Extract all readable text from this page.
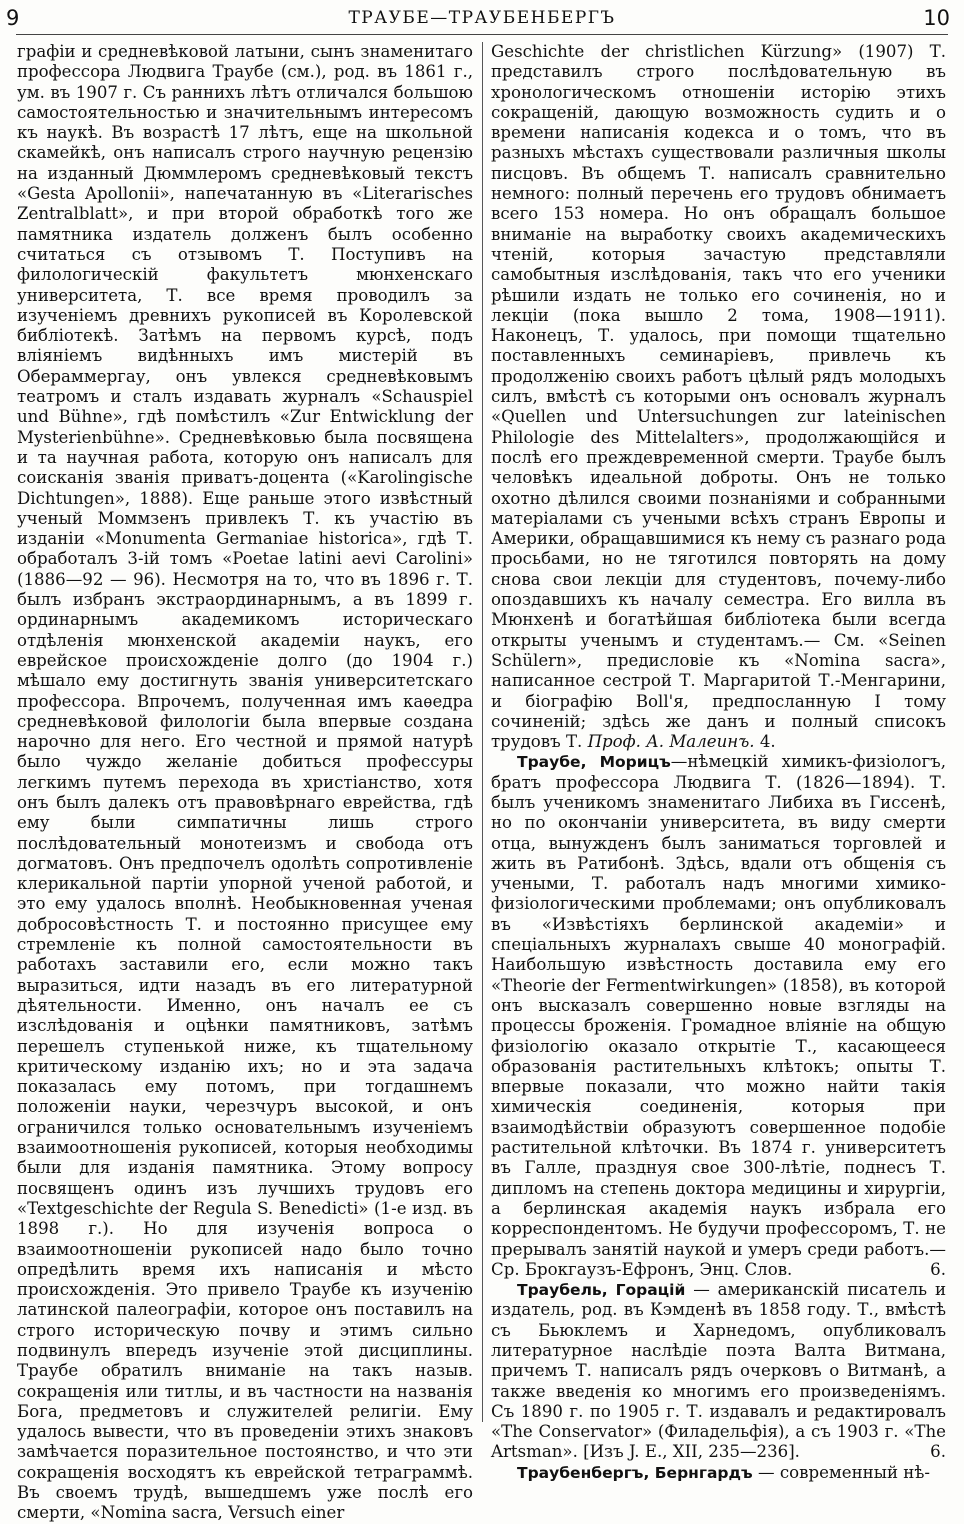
9	ТРАУБЕ—ТРАУБЕНБЕРГЪ	10

графіи и средневѣковой латыни, сынъ знаменитаго профессора Людвига Траубе (см.), род. въ 1861 г., ум. въ 1907 г. Съ раннихъ лѣтъ отличался большою самостоятельностью и значительнымъ интересомъ къ наукѣ. Въ возрастѣ 17 лѣтъ, еще на школьной скамейкѣ, онъ написалъ строго научную рецензію на изданный Дюммлеромъ средневѣковый текстъ «Gesta Apollonii», напечатанную въ «Literarisches Zentralblatt», и при второй обработкѣ того же памятника издатель долженъ былъ особенно считаться съ отзывомъ Т. Поступивъ на филологическій факультетъ мюнхенскаго университета, Т. все время проводилъ за изученіемъ древнихъ рукописей въ Королевской библіотекѣ. Затѣмъ на первомъ курсѣ, подъ вліяніемъ видѣнныхъ имъ мистерій въ Обераммергау, онъ увлекся средневѣковымъ театромъ и сталъ издавать журналъ «Schauspiel und Bühne», гдѣ помѣстилъ «Zur Entwicklung der Mysterienbühne». Средневѣковью была посвящена и та научная работа, которую онъ написалъ для соисканія званія приватъ-доцента («Karolingische Dichtungen», 1888). Еще раньше этого извѣстный ученый Моммзенъ привлекъ Т. къ участію въ изданіи «Monumenta Germaniae historica», гдѣ Т. обработалъ 3-ій томъ «Poetae latini aevi Carolini» (1886—92 — 96). Несмотря на то, что въ 1896 г. Т. былъ избранъ экстраординарнымъ, а въ 1899 г. ординарнымъ академикомъ историческаго отдѣленія мюнхенской академіи наукъ, его еврейское происхожденіе долго (до 1904 г.) мѣшало ему достигнуть званія университетскаго профессора. Впрочемъ, полученная имъ каѳедра средневѣковой филологіи была впервые создана нарочно для него. Его честной и прямой натурѣ было чуждо желаніе добиться профессуры легкимъ путемъ перехода въ христіанство, хотя онъ былъ далекъ отъ правовѣрнаго еврейства, гдѣ ему были симпатичны лишь строго послѣдовательный монотеизмъ и свобода отъ догматовъ. Онъ предпочелъ одолѣть сопротивленіе клерикальной партіи упорной ученой работой, и это ему удалось вполнѣ. Необыкновенная ученая добросовѣстность Т. и постоянно присущее ему стремленіе къ полной самостоятельности въ работахъ заставили его, если можно такъ выразиться, идти назадъ въ его литературной дѣятельности. Именно, онъ началъ ее съ изслѣдованія и оцѣнки памятниковъ, затѣмъ перешелъ ступенькой ниже, къ тщательному критическому изданію ихъ; но и эта задача показалась ему потомъ, при тогдашнемъ положеніи науки, черезчуръ высокой, и онъ ограничился только основательнымъ изученіемъ взаимоотношенія рукописей, которыя необходимы были для изданія памятника. Этому вопросу посвященъ одинъ изъ лучшихъ трудовъ его «Textgeschichte der Regula S. Benedicti» (1-е изд. въ 1898 г.). Но для изученія вопроса о взаимоотношеніи рукописей надо было точно опредѣлить время ихъ написанія и мѣсто происхожденія. Это привело Траубе къ изученію латинской палеографіи, которое онъ поставилъ на строго историческую почву и этимъ сильно подвинулъ впередъ изученіе этой дисциплины. Траубе обратилъ вниманіе на такъ назыв. сокращенія или титлы, и въ частности на названія Бога, предметовъ и служителей религіи. Ему удалось вывести, что въ проведеніи этихъ знаковъ замѣчается поразительное постоянство, и что эти сокращенія восходятъ къ еврейской тетраграммѣ. Въ своемъ трудѣ, вышедшемъ уже послѣ его смерти, «Nomina sacra, Versuch einer

Geschichte der christlichen Kürzung» (1907) Т. представилъ строго послѣдовательную въ хронологическомъ отношеніи исторію этихъ сокращеній, дающую возможность судить и о времени написанія кодекса и о томъ, что въ разныхъ мѣстахъ существовали различныя школы писцовъ. Въ общемъ Т. написалъ сравнительно немного: полный перечень его трудовъ обнимаетъ всего 153 номера. Но онъ обращалъ большое вниманіе на выработку своихъ академическихъ чтеній, которыя зачастую представляли самобытныя изслѣдованія, такъ что его ученики рѣшили издать не только его сочиненія, но и лекціи (пока вышло 2 тома, 1908—1911). Наконецъ, Т. удалось, при помощи тщательно поставленныхъ семинаріевъ, привлечь къ продолженію своихъ работъ цѣлый рядъ молодыхъ силъ, вмѣстѣ съ которыми онъ основалъ журналъ «Quellen und Untersuchungen zur lateinischen Philologie des Mittelalters», продолжающійся и послѣ его преждевременной смерти. Траубе былъ человѣкъ идеальной доброты. Онъ не только охотно дѣлился своими познаніями и собранными матеріалами съ учеными всѣхъ странъ Европы и Америки, обращавшимися къ нему съ разнаго рода просьбами, но не тяготился повторять на дому снова свои лекціи для студентовъ, почему-либо опоздавшихъ къ началу семестра. Его вилла въ Мюнхенѣ и богатѣйшая библіотека были всегда открыты ученымъ и студентамъ.— См. «Seinen Schülern», предисловіе къ «Nomina sacra», написанное сестрой Т. Маргаритой Т.-Менгарини, и біографію Boll'я, предпосланную I тому сочиненій; здѣсь же данъ и полный списокъ трудовъ Т. Проф. А. Малеинъ. 4.

Траубе, Морицъ—нѣмецкій химикъ-физіологъ, братъ профессора Людвига Т. (1826—1894). Т. былъ ученикомъ знаменитаго Либиха въ Гиссенѣ, но по окончаніи университета, въ виду смерти отца, вынужденъ былъ заниматься торговлей и жить въ Ратибонѣ. Здѣсь, вдали отъ общенія съ учеными, Т. работалъ надъ многими химико-физіологическими проблемами; онъ опубликовалъ въ «Извѣстіяхъ берлинской академіи» и спеціальныхъ журналахъ свыше 40 монографій. Наибольшую извѣстность доставила ему его «Theorie der Fermentwirkungen» (1858), въ которой онъ высказалъ совершенно новые взгляды на процессы броженія. Громадное вліяніе на общую физіологію оказало открытіе Т., касающееся образованія растительныхъ клѣтокъ; опыты Т. впервые показали, что можно найти такія химическія соединенія, которыя при взаимодѣйствіи образуютъ совершенное подобіе растительной клѣточки. Въ 1874 г. университетъ въ Галле, празднуя свое 300-лѣтіе, поднесъ Т. дипломъ на степень доктора медицины и хирургіи, а берлинская академія наукъ избрала его корреспондентомъ. Не будучи профессоромъ, Т. не прерывалъ занятій наукой и умеръ среди работъ.—Ср. Брокгаузъ-Ефронъ, Энц. Слов.	6.

Траубель, Горацій — американскій писатель и издатель, род. въ Кэмденѣ въ 1858 году. Т., вмѣстѣ съ Бьюклемъ и Харнедомъ, опубликовалъ литературное наслѣдіе поэта Валта Витмана, причемъ Т. написалъ рядъ очерковъ о Витманѣ, а также введенія ко многимъ его произведеніямъ. Съ 1890 г. по 1905 г. Т. издавалъ и редактировалъ «The Conservator» (Филадельфія), а съ 1903 г. «The Artsman». [Изъ J. E., XII, 235—236].	6.

Траубенбергъ, Бернгардъ — современный нѣ-
